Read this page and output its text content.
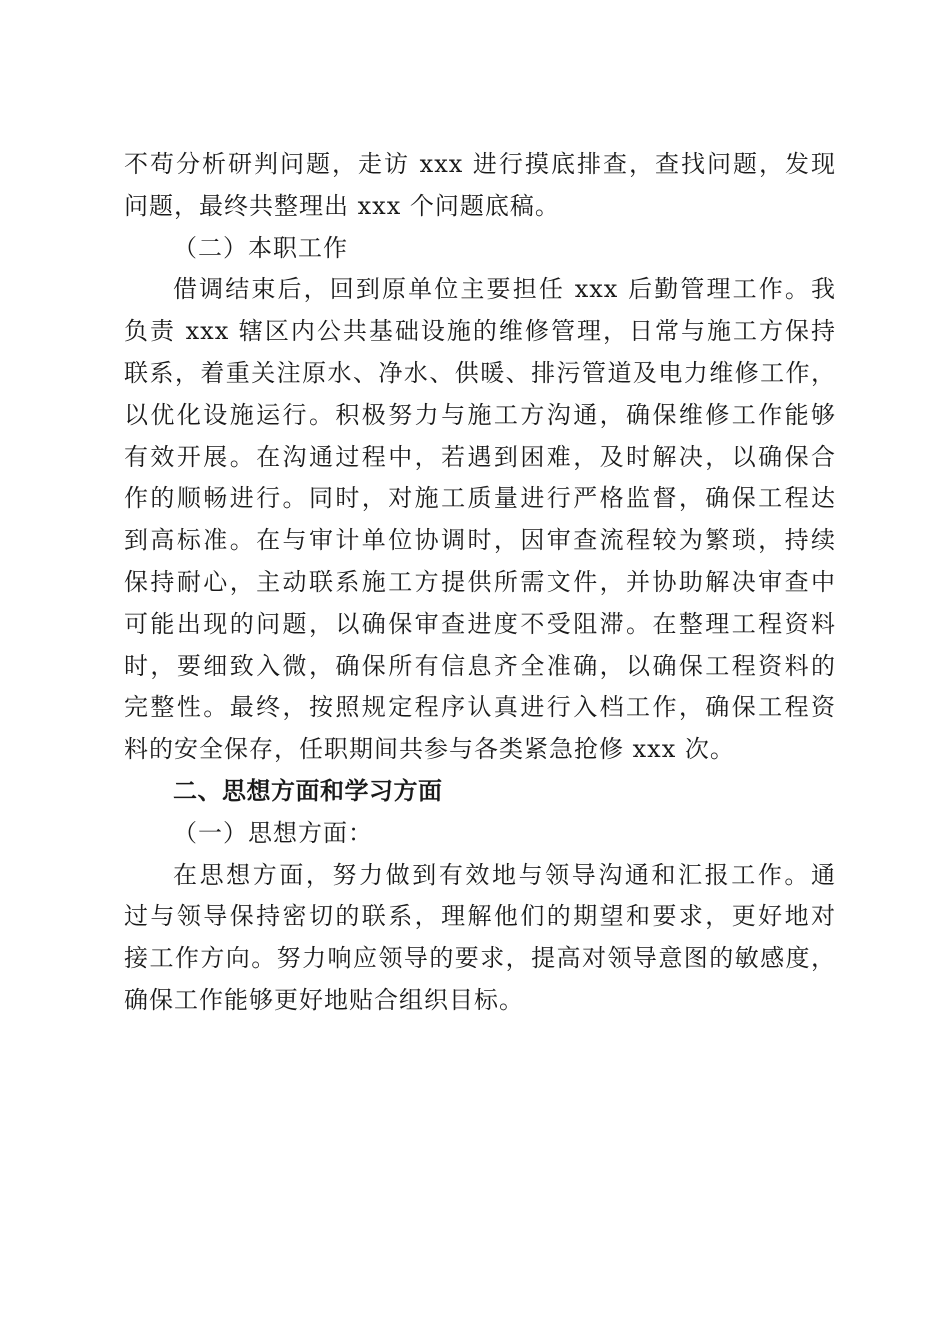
不苟分析研判问题，走访 xxx 进行摸底排查，查找问题，发现
问题，最终共整理出 xxx 个问题底稿。
（二）本职工作
借调结束后，回到原单位主要担任 xxx 后勤管理工作。我
负责 xxx 辖区内公共基础设施的维修管理，日常与施工方保持
联系，着重关注原水、净水、供暖、排污管道及电力维修工作，
以优化设施运行。积极努力与施工方沟通，确保维修工作能够
有效开展。在沟通过程中，若遇到困难，及时解决，以确保合
作的顺畅进行。同时，对施工质量进行严格监督，确保工程达
到高标准。在与审计单位协调时，因审查流程较为繁琐，持续
保持耐心，主动联系施工方提供所需文件，并协助解决审查中
可能出现的问题，以确保审查进度不受阻滞。在整理工程资料
时，要细致入微，确保所有信息齐全准确，以确保工程资料的
完整性。最终，按照规定程序认真进行入档工作，确保工程资
料的安全保存，任职期间共参与各类紧急抢修 xxx 次。
二、思想方面和学习方面
（一）思想方面：
在思想方面，努力做到有效地与领导沟通和汇报工作。通
过与领导保持密切的联系，理解他们的期望和要求，更好地对
接工作方向。努力响应领导的要求，提高对领导意图的敏感度，
确保工作能够更好地贴合组织目标。
